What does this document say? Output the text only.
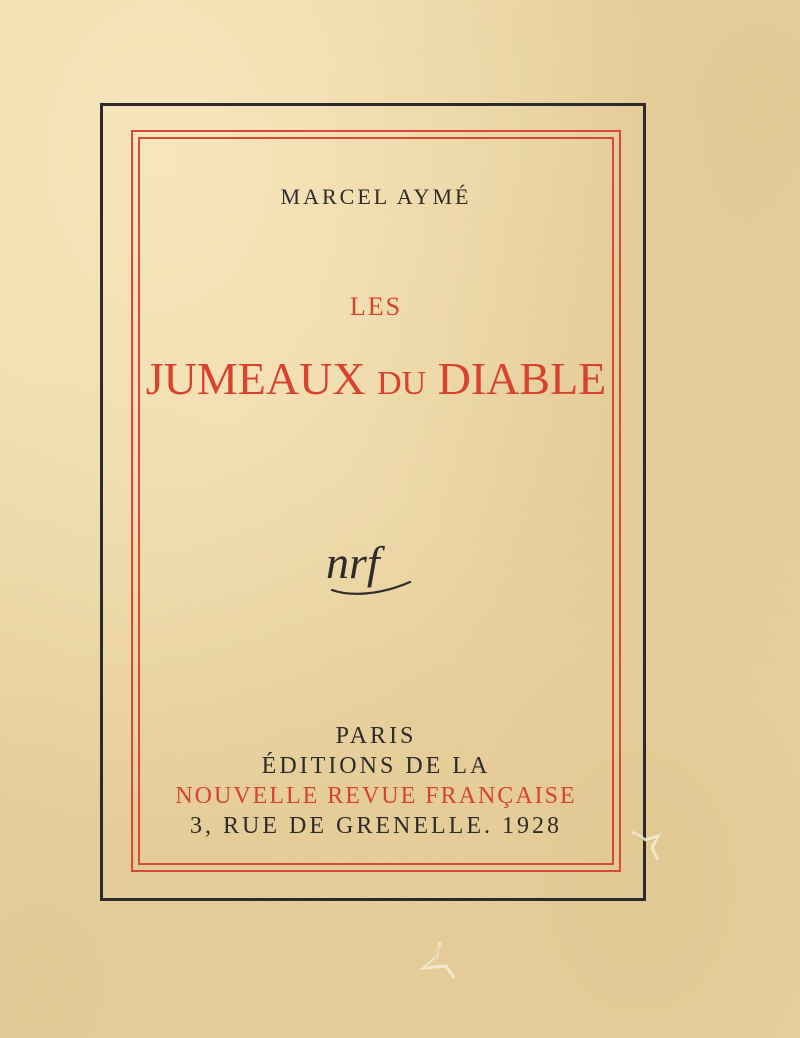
MARCEL AYMÉ
LES
JUMEAUX DU DIABLE
nrf
PARIS
ÉDITIONS DE LA
NOUVELLE REVUE FRANÇAISE
3, RUE DE GRENELLE. 1928
